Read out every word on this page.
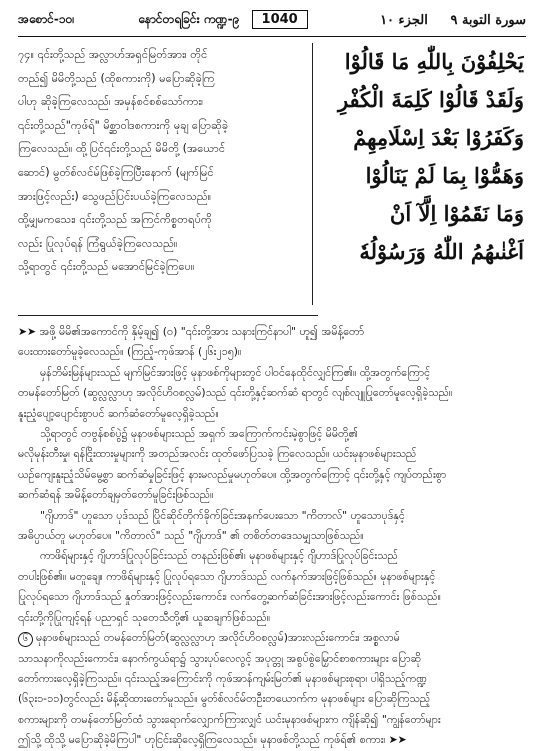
အစောင်-၁၀၊	နောင်တရခြင်း ကဏ္ဍ-၉ 1040	سورة التوبة ٩     الجزء ١٠
၇၄။ ၎င်းတို့သည် အလ္လာဟ်အရှင်မြတ်အား၊ တိုင်
တည်၍ မိမိတို့သည် (ထိုစကားကို) မပြောဆိုခဲ့ကြ
ပါဟု ဆိုခဲ့ကြလေသည်၊ အမှန်စင်စစ်သော်ကား၊
၎င်းတို့သည်"ကုဖ်ရ်" မိစ္ဆာဝါဒစကားကို မုချ ပြောဆိုခဲ့
ကြလေသည်။ ထို့ပြင်၎င်းတို့သည် မိမိတို့ (အယောင်
ဆောင်) မွတ်စ်လင်မ်ဖြစ်ခဲ့ကြပြီးနောက် (မျက်မြင်
အားဖြင့်လည်း) သွေဖည်ပြင်းပယ်ခဲ့ကြလေသည်။
ထို့မျှမကသေး၊ ၎င်းတို့သည် အကြင်ကိစ္စတရပ်ကို
လည်း ပြုလုပ်ရန် ကြံရွယ်ခဲ့ကြလေသည်။
သို့ရာတွင် ၎င်းတို့သည် မအောင်မြင်ခဲ့ကြပေ။
يَحْلِفُوْنَ بِاللّٰهِ مَا قَالُوْا
وَلَقَدْ قَالُوْا كَلِمَةَ الْكُفْرِ
وَكَفَرُوْا بَعْدَ اِسْلَامِهِمْ
وَهَمُّوْا بِمَا لَمْ يَنَالُوْا
وَمَا نَقَمُوْا اِلَّآ اَنْ
اَغْنٰىهُمُ اللّٰهُ وَرَسُوْلُهٗ
➤➤ အဖို့ မိမိ၏အကောင်ကို နှိမ့်ချ၍ (ဝ) "၎င်းတို့အား သနားကြင်နာပါ" ဟူ၍ အမိန့်တော်
ပေးထားတော်မူခဲ့လေသည်။ (ကြည့်-ကုဖ်အာန် (၂၆း၂၁၅)။
မှန်ဘိမ်းမြန်များသည် မျက်မြင်အားဖြင့် မုနာဖစ်ကိုများတွင် ပါဝင်နေထိုင်လျှင်ကြ၏။ ထို့အတွက်ကြောင့်
တမန်တော်မြတ် (ဆွလ္လလ္လာဟု အလိုင်ဟိဝစလ္လမ်)သည် ၎င်းတို့နှင့်ဆက်ဆံ ရာတွင် လျစ်လျူပြုတော်မူလေ့ရှိခဲ့သည်။
နူးညံ့ပျော့ပျောင်းစွာပင် ဆက်ဆံတော်မူလေ့ရှိခဲ့သည်။
သို့ရာတွင် တဗွန်စစ်ပွဲ၌ မုနာဖစ်များသည် အရှက် အကြောက်ကင်းမဲ့စွာဖြင့် မိမိတို့၏
မလိုမုန်းတီးမှု၊ ရန်ငြိုးထားမှုများကို အတည်အလင်း ထုတ်ဖော်ပြသခဲ့ ကြလေသည်။ ယင်းမုနာဖစ်များသည်
ယဉ်ကျေးနူးညံ့သိမ်မွေ့စွာ ဆက်ဆံမှုခြင်းဖြင့် နားမလည်မှုမဟုတ်ပေ။ ထို့အတွက်ကြောင့် ၎င်းတို့နှင့် ကျပ်တည်းစွာ
ဆက်ဆံရန် အမိန့်တော်ချမှတ်တော်မူခြင်းဖြစ်သည်။
"ဂျိဟာဒ်" ဟူသော ပုဒ်သည် ပြိုင်ဆိုင်တိုက်ခိုက်ခြင်းအနက်ပေးသော "ကိတာလ်" ဟူသောပုဒ်နှင့်
အဓိပ္ပာယ်တူ မဟုတ်ပေ။ "ကိတာလ်" သည် "ဂျိဟာဒ်" ၏ တစိတ်တဒေသမျှသာဖြစ်သည်။
ကာဖိရ်များနှင့် ဂျိဟာဒ်ပြုလုပ်ခြင်းသည် တနည်းဖြစ်၏၊ မုနာဖစ်များနှင့် ဂျိဟာဒ်ပြုလုပ်ခြင်းသည်
တပါးဖြစ်၏။ မတူချေ။ ကာဖိရ်များနှင့် ပြုလုပ်ရသော ဂျိဟာဒ်သည် လက်နက်အားဖြင့်ဖြစ်သည်။ မုနာဖစ်များနှင့်
ပြုလုပ်ရသော ဂျိဟာဒ်သည် နှုတ်အားဖြင့်လည်းကောင်း၊ လက်တွေ့ဆက်ဆံခြင်းအားဖြင့်လည်းကောင်း ဖြစ်သည်။
၎င်းတို့ကိုပြုကျင့်ရန် ပညာရှင် သုတေသီတို့၏ ယူဆချက်ဖြစ်သည်။
၆ မုနာဖစ်များသည် တမန်တော်မြတ်(ဆွလ္လလ္လာဟု အလိုင်ဟိဝစလ္လမ်)အားလည်းကောင်း၊ အစ္စလာမ်
သာသနာကိုလည်းကောင်း၊ နောက်ကွယ်ရာ၌ သွားပုပ်လေလွင့် အပုတ္တု အစွပ်စွဲမြှောင်စာစကားများ ပြောဆို
တော်ကားလေ့ရှိခဲ့ကြသည်။ ၎င်းသည့်အကြောင်းကို ကုဖ်အာန်ကျမ်းမြတ်၏ မုနာဖစ်များစုရာ၊ ပါရှိသည့်ကဏ္ဍ
(၆၃း၁-၁၁)တွင်လည်း မိန့်ဆိုထားတော်မူသည်။ မွတ်စ်လင်မ်တဦးတယောက်က မုနာဖစ်များ ပြောဆိုကြသည့်
စကားများကို တမန်တော်မြတ်ထံ သွားရောက်လျှောက်ကြားလျှင် ယင်းမုနာဖစ်များက ကျိန်ဆို၍ "ကျွန်တော်များ
ဤသို့ ထိုသို့ မပြောဆိုခဲ့မိကြပါ" ဟုငြင်းဆိုလေ့ရှိကြလေသည်။ မုနာဖစ်တို့သည် ကုဖ်ရ်၏ စကား၊ ➤➤
